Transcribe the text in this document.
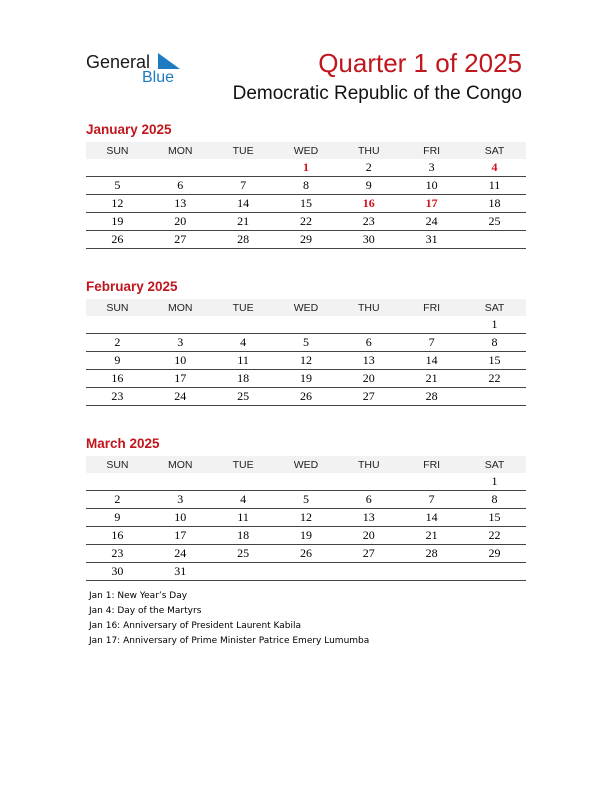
General
Blue	Quarter 1 of 2025
Democratic Republic of the Congo
January 2025
SUN	MON	TUE	WED	THU	FRI	SAT
			1	2	3	4
5	6	7	8	9	10	11
12	13	14	15	16	17	18
19	20	21	22	23	24	25
26	27	28	29	30	31	
February 2025
SUN	MON	TUE	WED	THU	FRI	SAT
						1
2	3	4	5	6	7	8
9	10	11	12	13	14	15
16	17	18	19	20	21	22
23	24	25	26	27	28	
March 2025
SUN	MON	TUE	WED	THU	FRI	SAT
						1
2	3	4	5	6	7	8
9	10	11	12	13	14	15
16	17	18	19	20	21	22
23	24	25	26	27	28	29
30	31					
Jan 1: New Year’s Day
Jan 4: Day of the Martyrs
Jan 16: Anniversary of President Laurent Kabila
Jan 17: Anniversary of Prime Minister Patrice Emery Lumumba
